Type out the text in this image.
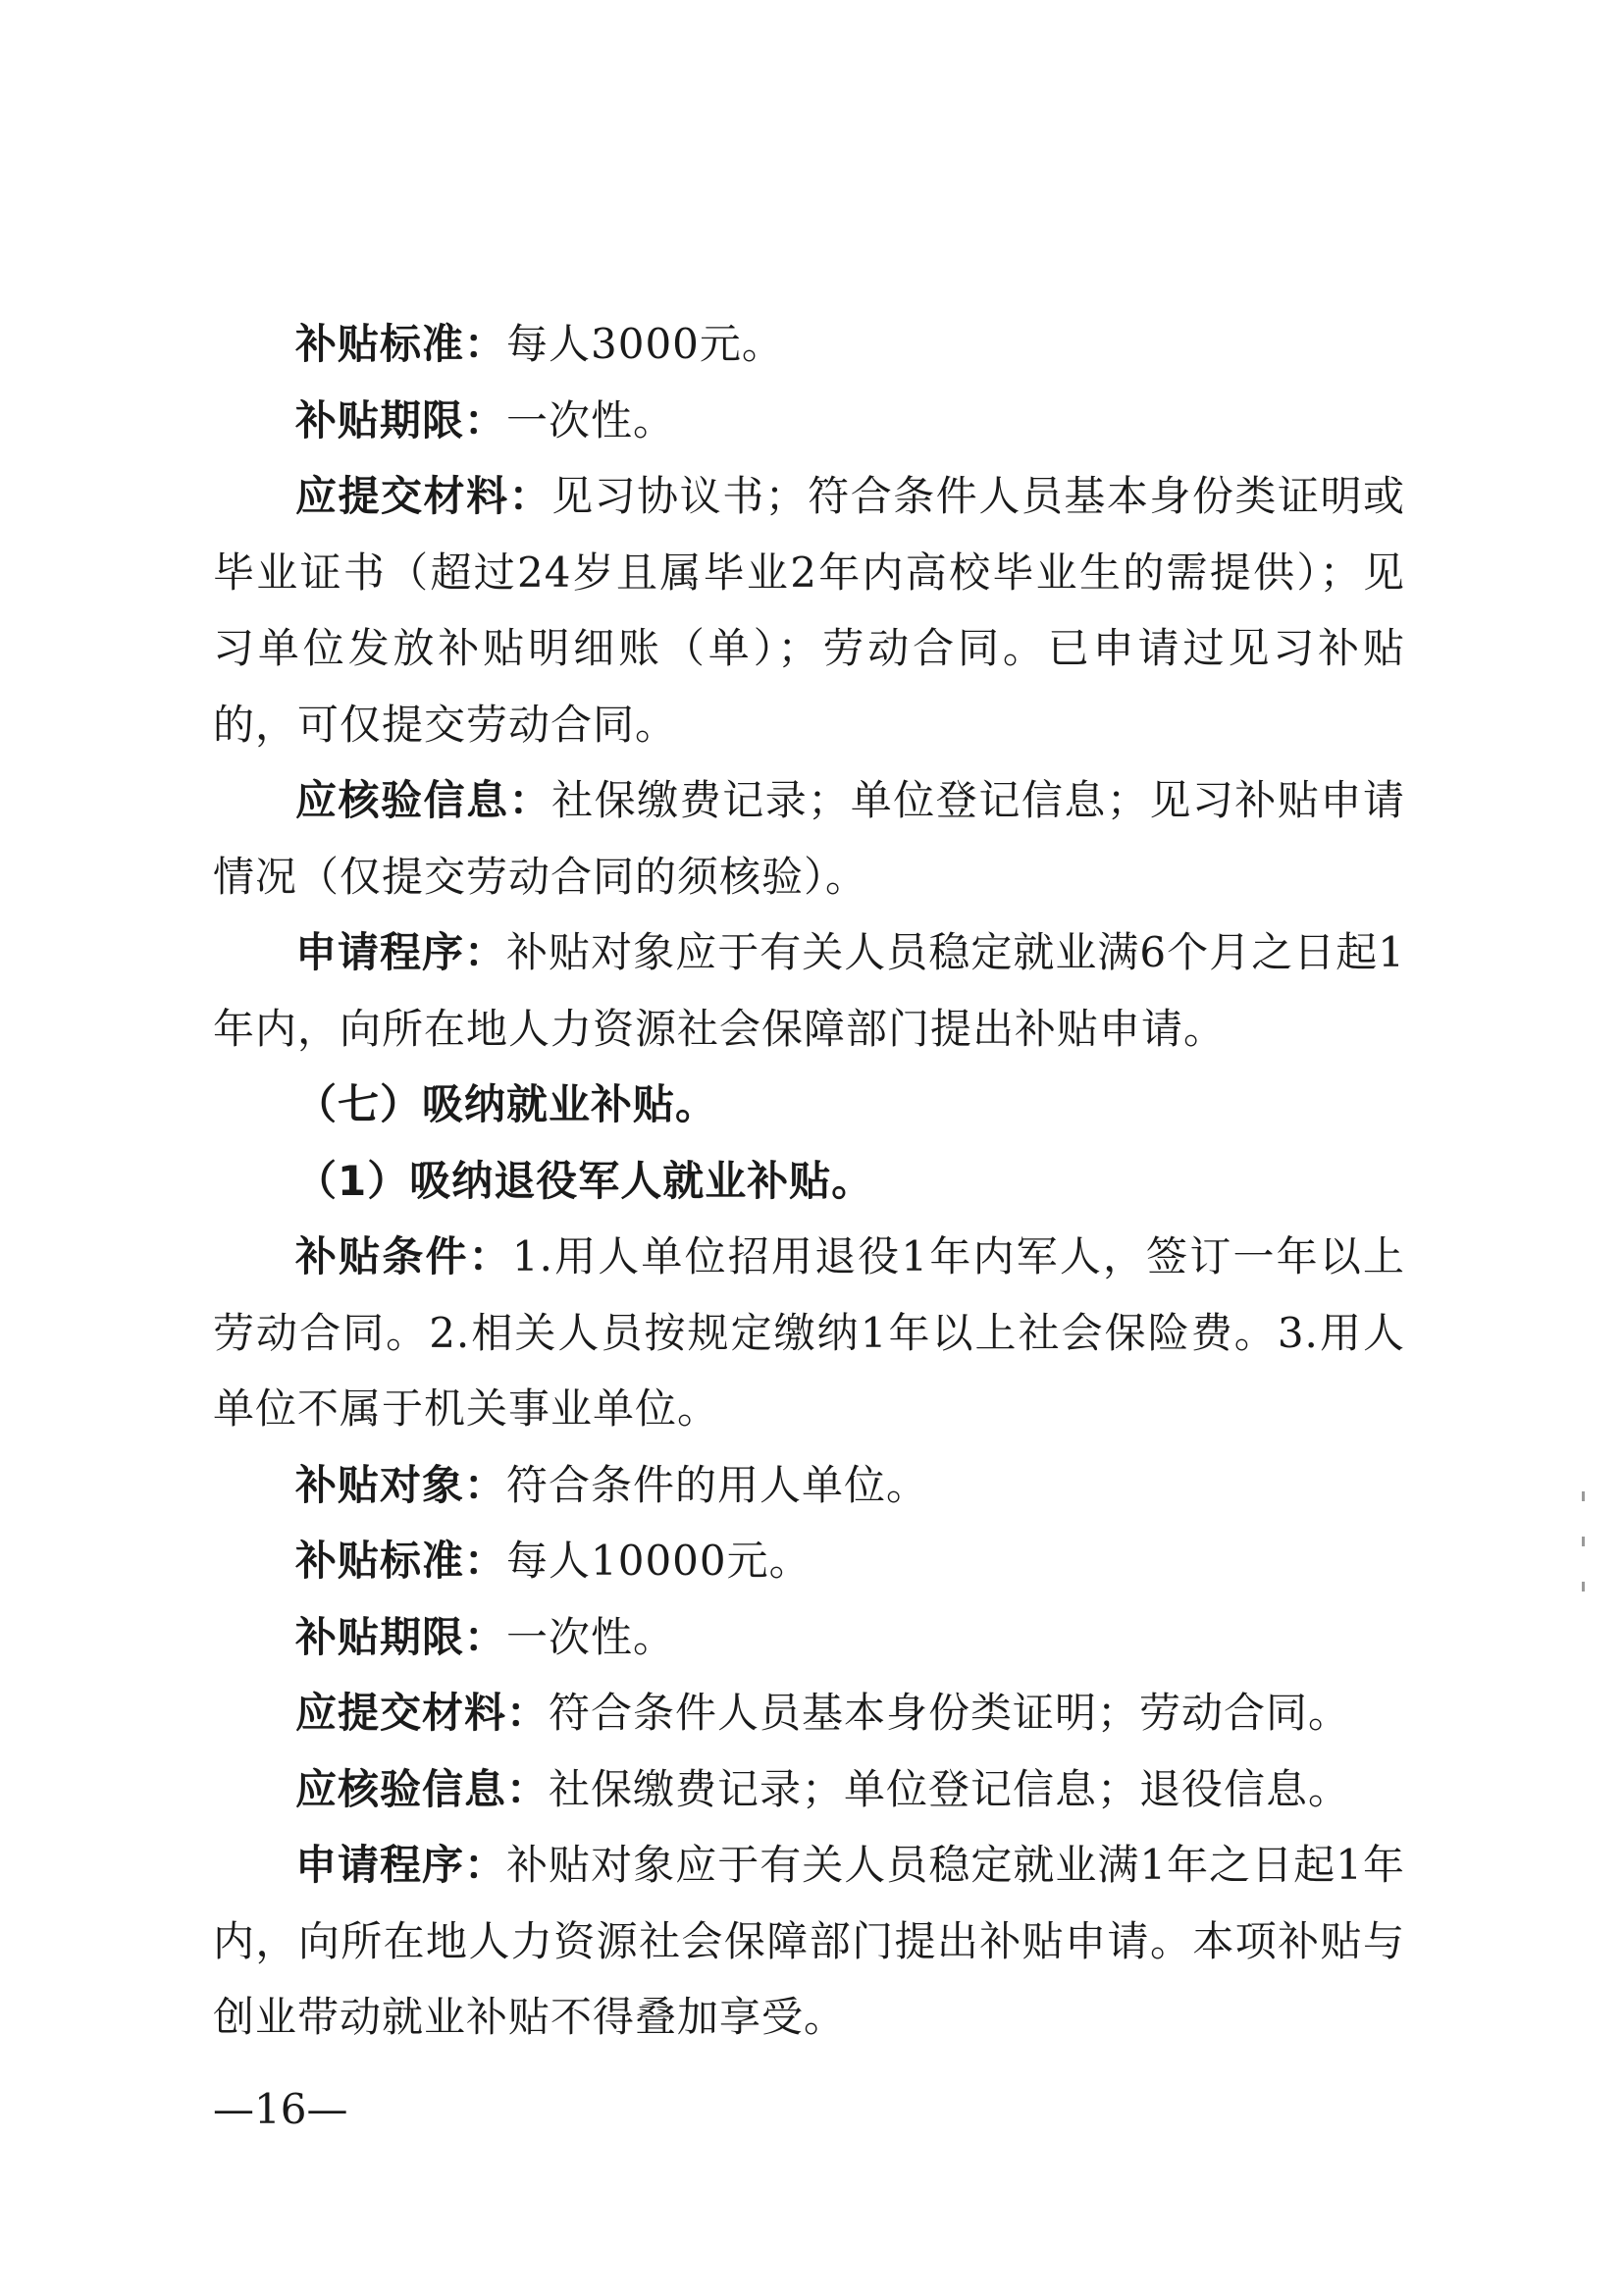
补贴标准：每人3000元。

补贴期限：一次性。

应提交材料：见习协议书；符合条件人员基本身份类证明或毕业证书（超过24岁且属毕业2年内高校毕业生的需提供）；见习单位发放补贴明细账（单）；劳动合同。已申请过见习补贴的，可仅提交劳动合同。

应核验信息：社保缴费记录；单位登记信息；见习补贴申请情况（仅提交劳动合同的须核验）。

申请程序：补贴对象应于有关人员稳定就业满6个月之日起1年内，向所在地人力资源社会保障部门提出补贴申请。

（七）吸纳就业补贴。

（1）吸纳退役军人就业补贴。

补贴条件：1.用人单位招用退役1年内军人，签订一年以上劳动合同。2.相关人员按规定缴纳1年以上社会保险费。3.用人单位不属于机关事业单位。

补贴对象：符合条件的用人单位。

补贴标准：每人10000元。

补贴期限：一次性。

应提交材料：符合条件人员基本身份类证明；劳动合同。

应核验信息：社保缴费记录；单位登记信息；退役信息。

申请程序：补贴对象应于有关人员稳定就业满1年之日起1年内，向所在地人力资源社会保障部门提出补贴申请。本项补贴与创业带动就业补贴不得叠加享受。

—16—
